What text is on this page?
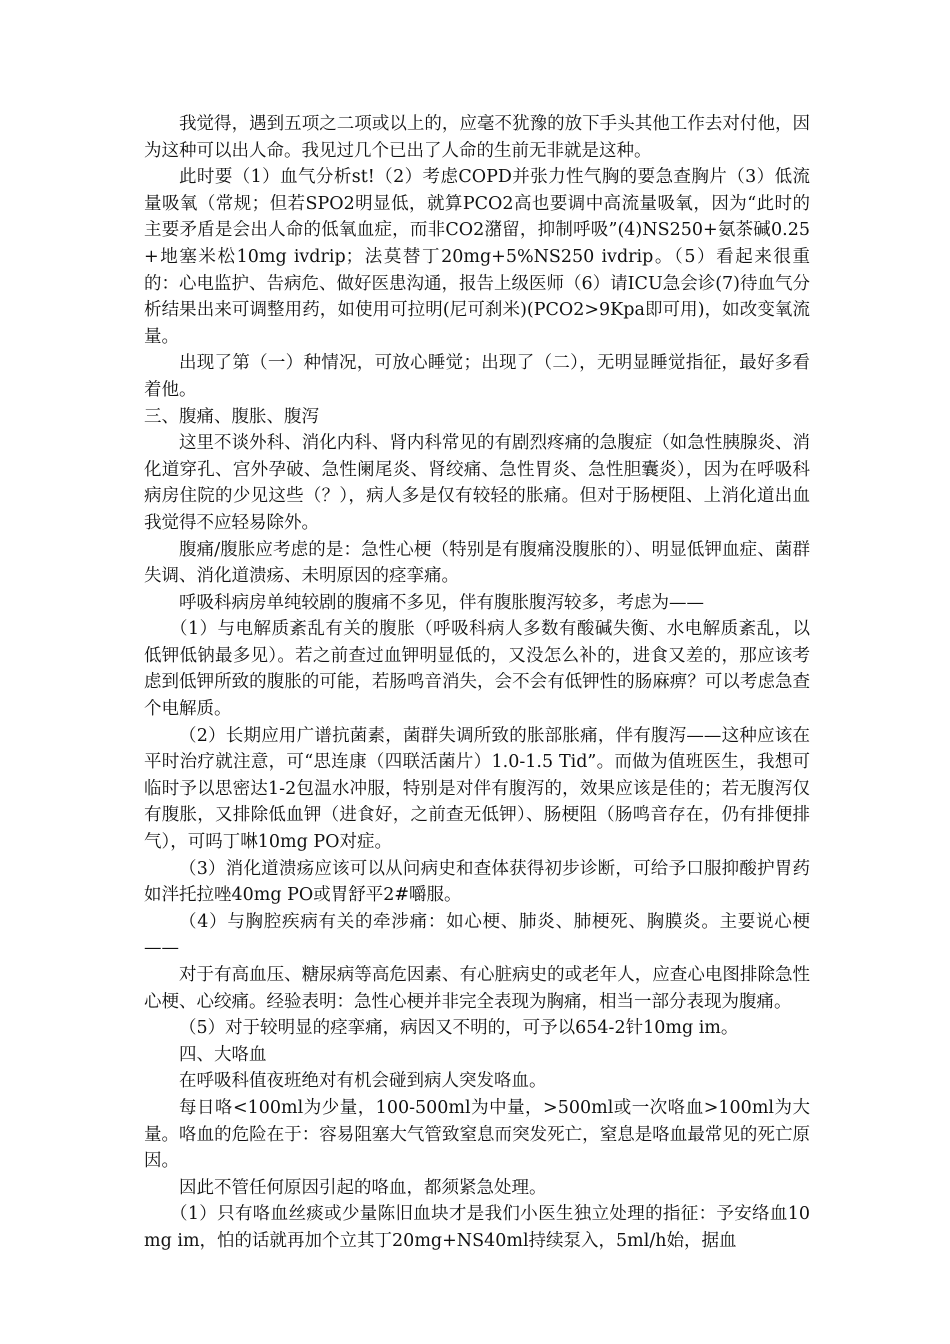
我觉得，遇到五项之二项或以上的，应毫不犹豫的放下手头其他工作去对付他，因为这种可以出人命。我见过几个已出了人命的生前无非就是这种。

此时要（1）血气分析st!（2）考虑COPD并张力性气胸的要急查胸片（3）低流量吸氧（常规；但若SPO2明显低，就算PCO2高也要调中高流量吸氧，因为“此时的主要矛盾是会出人命的低氧血症，而非CO2潴留，抑制呼吸”(4)NS250+氨茶碱0.25+地塞米松10mg ivdrip；法莫替丁20mg+5%NS250 ivdrip。（5）看起来很重的：心电监护、告病危、做好医患沟通，报告上级医师（6）请ICU急会诊(7)待血气分析结果出来可调整用药，如使用可拉明(尼可刹米)(PCO2>9Kpa即可用)，如改变氧流量。

出现了第（一）种情况，可放心睡觉；出现了（二），无明显睡觉指征，最好多看着他。

三、腹痛、腹胀、腹泻

这里不谈外科、消化内科、肾内科常见的有剧烈疼痛的急腹症（如急性胰腺炎、消化道穿孔、宫外孕破、急性阑尾炎、肾绞痛、急性胃炎、急性胆囊炎），因为在呼吸科病房住院的少见这些（？），病人多是仅有较轻的胀痛。但对于肠梗阻、上消化道出血我觉得不应轻易除外。

腹痛/腹胀应考虑的是：急性心梗（特别是有腹痛没腹胀的）、明显低钾血症、菌群失调、消化道溃疡、未明原因的痉挛痛。

呼吸科病房单纯较剧的腹痛不多见，伴有腹胀腹泻较多，考虑为——

（1）与电解质紊乱有关的腹胀（呼吸科病人多数有酸碱失衡、水电解质紊乱，以低钾低钠最多见）。若之前查过血钾明显低的，又没怎么补的，进食又差的，那应该考虑到低钾所致的腹胀的可能，若肠鸣音消失，会不会有低钾性的肠麻痹？可以考虑急查个电解质。

（2）长期应用广谱抗菌素，菌群失调所致的胀部胀痛，伴有腹泻——这种应该在平时治疗就注意，可“思连康（四联活菌片）1.0-1.5 Tid”。而做为值班医生，我想可临时予以思密达1-2包温水冲服，特别是对伴有腹泻的，效果应该是佳的；若无腹泻仅有腹胀，又排除低血钾（进食好，之前查无低钾）、肠梗阻（肠鸣音存在，仍有排便排气），可吗丁啉10mg PO对症。

（3）消化道溃疡应该可以从问病史和查体获得初步诊断，可给予口服抑酸护胃药如泮托拉唑40mg PO或胃舒平2#嚼服。

（4）与胸腔疾病有关的牵涉痛：如心梗、肺炎、肺梗死、胸膜炎。主要说心梗——

对于有高血压、糖尿病等高危因素、有心脏病史的或老年人，应查心电图排除急性心梗、心绞痛。经验表明：急性心梗并非完全表现为胸痛，相当一部分表现为腹痛。

（5）对于较明显的痉挛痛，病因又不明的，可予以654-2针10mg im。

四、大咯血

在呼吸科值夜班绝对有机会碰到病人突发咯血。

每日咯<100ml为少量，100-500ml为中量，>500ml或一次咯血>100ml为大量。咯血的危险在于：容易阻塞大气管致窒息而突发死亡，窒息是咯血最常见的死亡原因。

因此不管任何原因引起的咯血，都须紧急处理。

（1）只有咯血丝痰或少量陈旧血块才是我们小医生独立处理的指征：予安络血10mg im，怕的话就再加个立其丁20mg+NS40ml持续泵入，5ml/h始，据血
